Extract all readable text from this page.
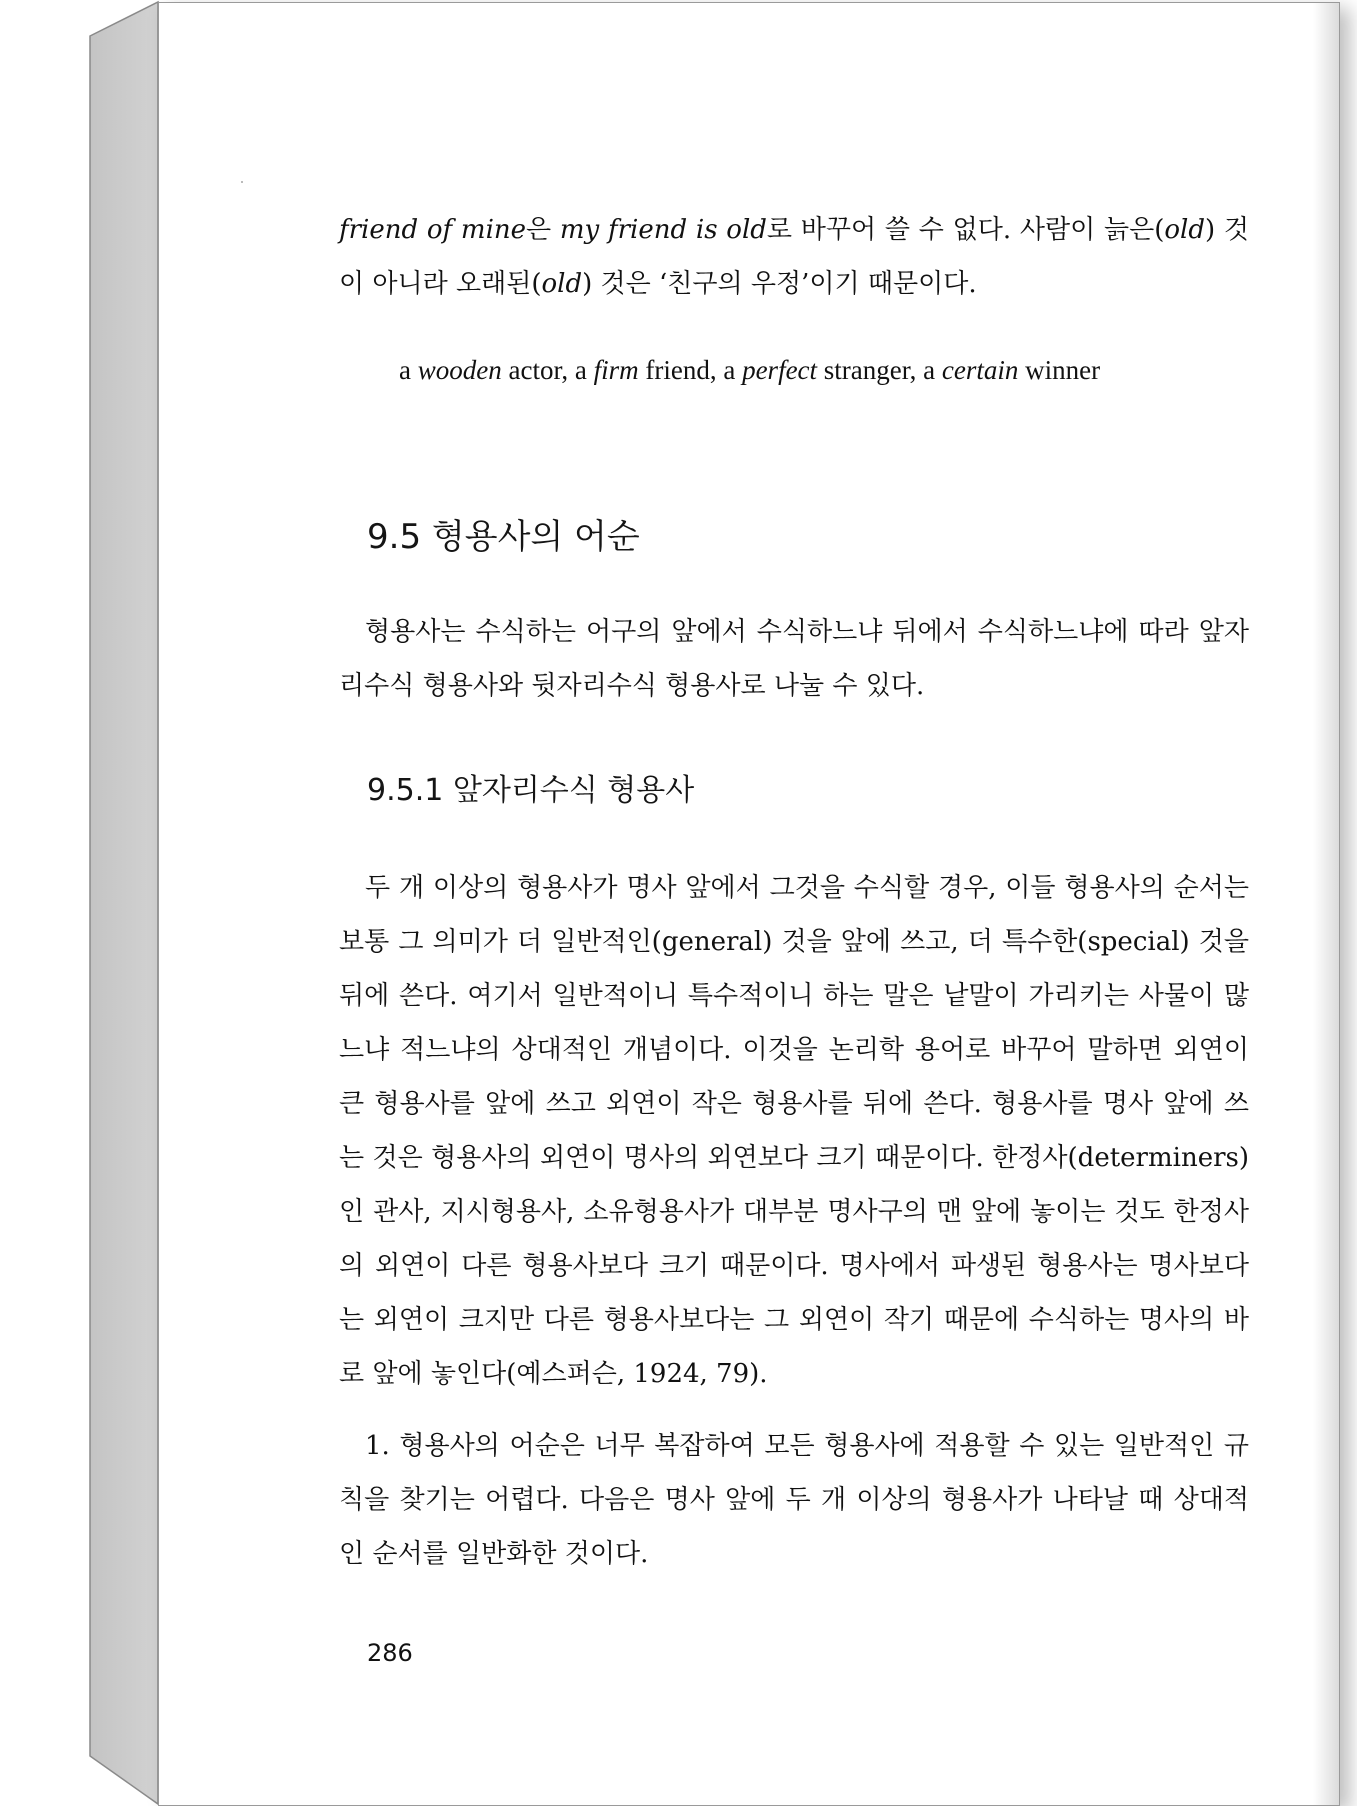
friend of mine은 my friend is old로 바꾸어 쓸 수 없다. 사람이 늙은(old) 것이 아니라 오래된(old) 것은 ‘친구의 우정’이기 때문이다.

a wooden actor, a firm friend, a perfect stranger, a certain winner
9.5 형용사의 어순

형용사는 수식하는 어구의 앞에서 수식하느냐 뒤에서 수식하느냐에 따라 앞자리수식 형용사와 뒷자리수식 형용사로 나눌 수 있다.

9.5.1 앞자리수식 형용사

두 개 이상의 형용사가 명사 앞에서 그것을 수식할 경우, 이들 형용사의 순서는 보통 그 의미가 더 일반적인(general) 것을 앞에 쓰고, 더 특수한(special) 것을 뒤에 쓴다. 여기서 일반적이니 특수적이니 하는 말은 낱말이 가리키는 사물이 많느냐 적느냐의 상대적인 개념이다. 이것을 논리학 용어로 바꾸어 말하면 외연이 큰 형용사를 앞에 쓰고 외연이 작은 형용사를 뒤에 쓴다. 형용사를 명사 앞에 쓰는 것은 형용사의 외연이 명사의 외연보다 크기 때문이다. 한정사(determiners)인 관사, 지시형용사, 소유형용사가 대부분 명사구의 맨 앞에 놓이는 것도 한정사의 외연이 다른 형용사보다 크기 때문이다. 명사에서 파생된 형용사는 명사보다는 외연이 크지만 다른 형용사보다는 그 외연이 작기 때문에 수식하는 명사의 바로 앞에 놓인다(예스퍼슨, 1924, 79).

1. 형용사의 어순은 너무 복잡하여 모든 형용사에 적용할 수 있는 일반적인 규칙을 찾기는 어렵다. 다음은 명사 앞에 두 개 이상의 형용사가 나타날 때 상대적인 순서를 일반화한 것이다.

286
